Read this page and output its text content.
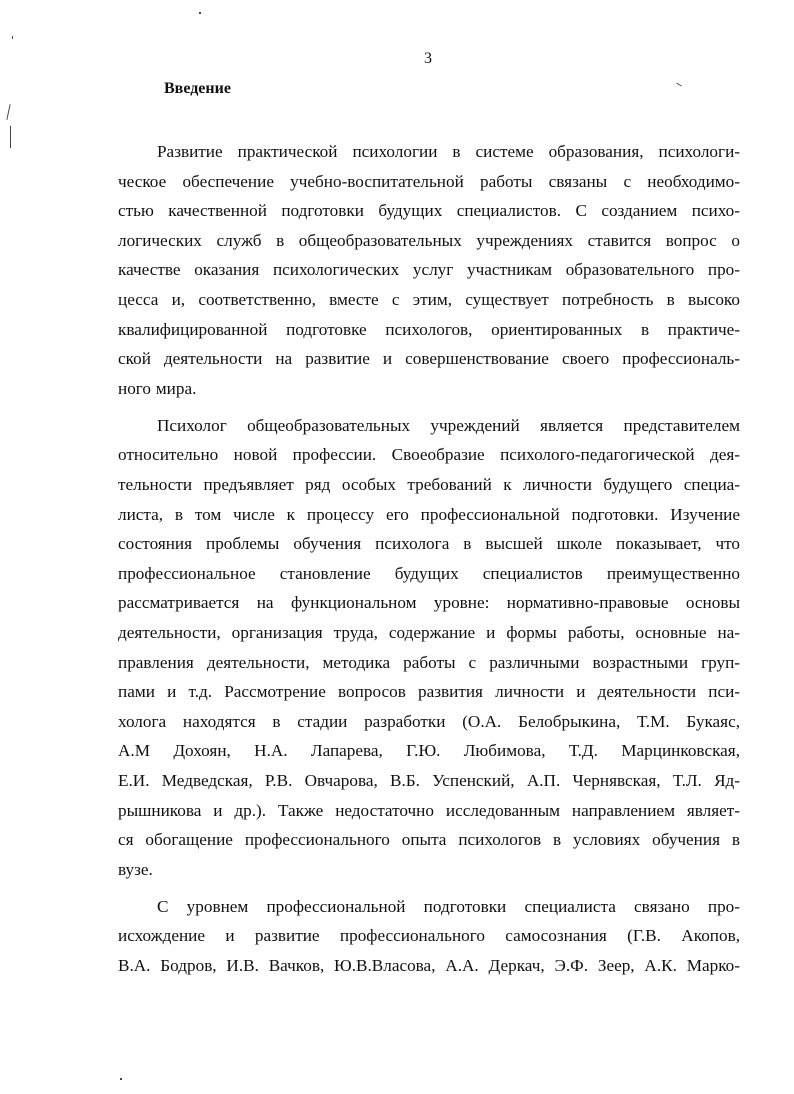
3
Введение
Развитие практической психологии в системе образования, психологи-
ческое обеспечение учебно-воспитательной работы связаны с необходимо-
стью качественной подготовки будущих специалистов. С созданием психо-
логических служб в общеобразовательных учреждениях ставится вопрос о
качестве оказания психологических услуг участникам образовательного про-
цесса и, соответственно, вместе с этим, существует потребность в высоко
квалифицированной подготовке психологов, ориентированных в практиче-
ской деятельности на развитие и совершенствование своего профессиональ-
ного мира.
Психолог общеобразовательных учреждений является представителем
относительно новой профессии. Своеобразие психолого-педагогической дея-
тельности предъявляет ряд особых требований к личности будущего специа-
листа, в том числе к процессу его профессиональной подготовки. Изучение
состояния проблемы обучения психолога в высшей школе показывает, что
профессиональное становление будущих специалистов преимущественно
рассматривается на функциональном уровне: нормативно-правовые основы
деятельности, организация труда, содержание и формы работы, основные на-
правления деятельности, методика работы с различными возрастными груп-
пами и т.д. Рассмотрение вопросов развития личности и деятельности пси-
холога находятся в стадии разработки (О.А. Белобрыкина, Т.М. Букаяс,
А.М Дохоян, Н.А. Лапарева, Г.Ю. Любимова, Т.Д. Марцинковская,
Е.И. Медведская, Р.В. Овчарова, В.Б. Успенский, А.П. Чернявская, Т.Л. Яд-
рышникова и др.). Также недостаточно исследованным направлением являет-
ся обогащение профессионального опыта психологов в условиях обучения в
вузе.
С уровнем профессиональной подготовки специалиста связано про-
исхождение и развитие профессионального самосознания (Г.В. Акопов,
В.А. Бодров, И.В. Вачков, Ю.В.Власова, А.А. Деркач, Э.Ф. Зеер, А.К. Марко-
